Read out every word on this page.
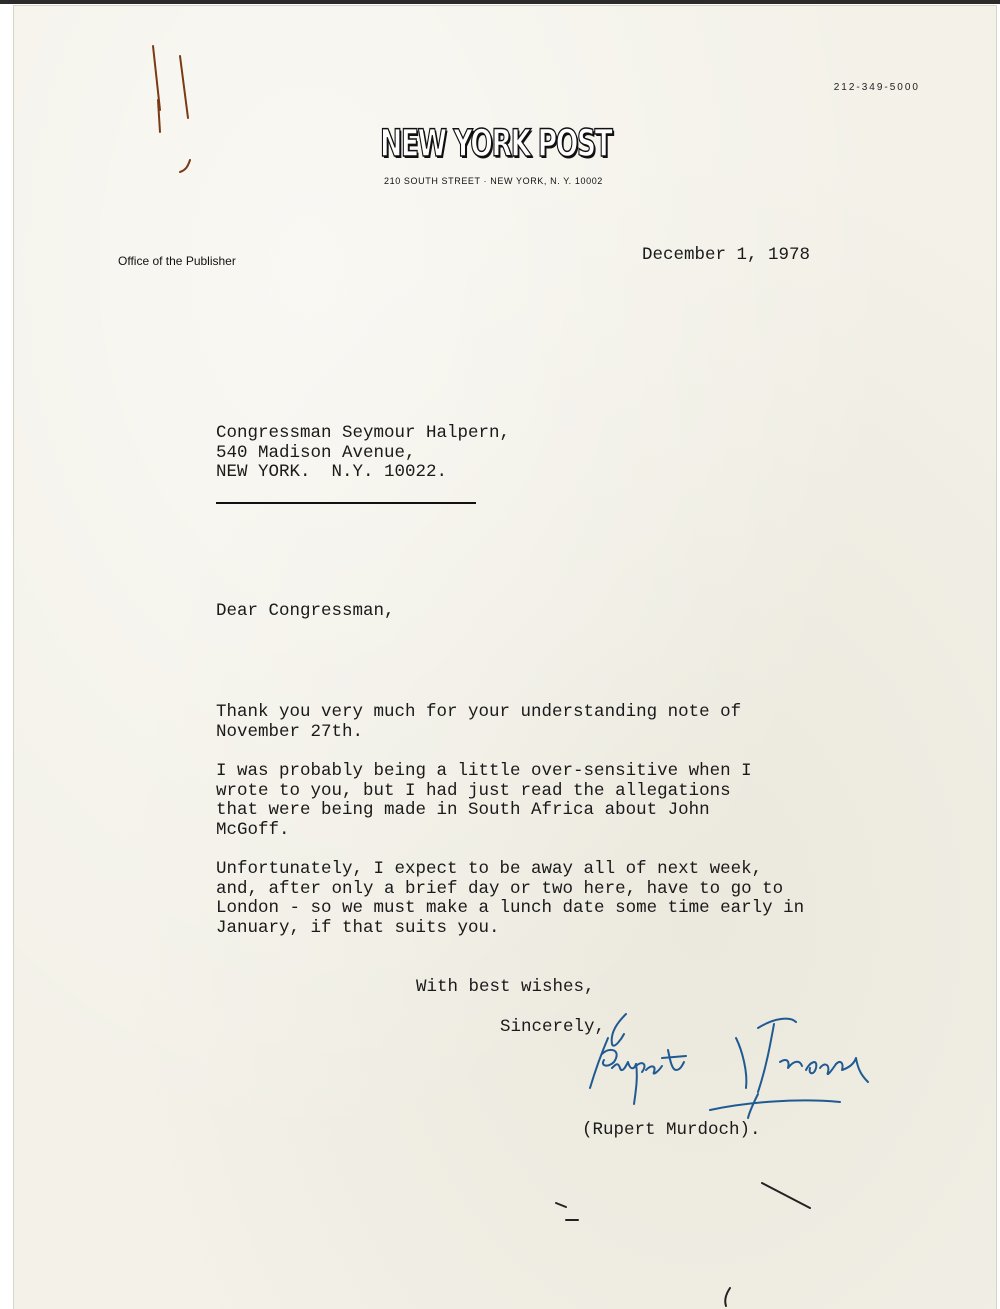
212-349-5000
NEW YORK POST
210 SOUTH STREET · NEW YORK, N. Y. 10002
Office of the Publisher	December 1, 1978
Congressman Seymour Halpern,
540 Madison Avenue,
NEW YORK.  N.Y. 10022.
Dear Congressman,
Thank you very much for your understanding note of
November 27th.
I was probably being a little over-sensitive when I
wrote to you, but I had just read the allegations
that were being made in South Africa about John
McGoff.
Unfortunately, I expect to be away all of next week,
and, after only a brief day or two here, have to go to
London - so we must make a lunch date some time early in
January, if that suits you.
With best wishes,
Sincerely,
(Rupert Murdoch).
